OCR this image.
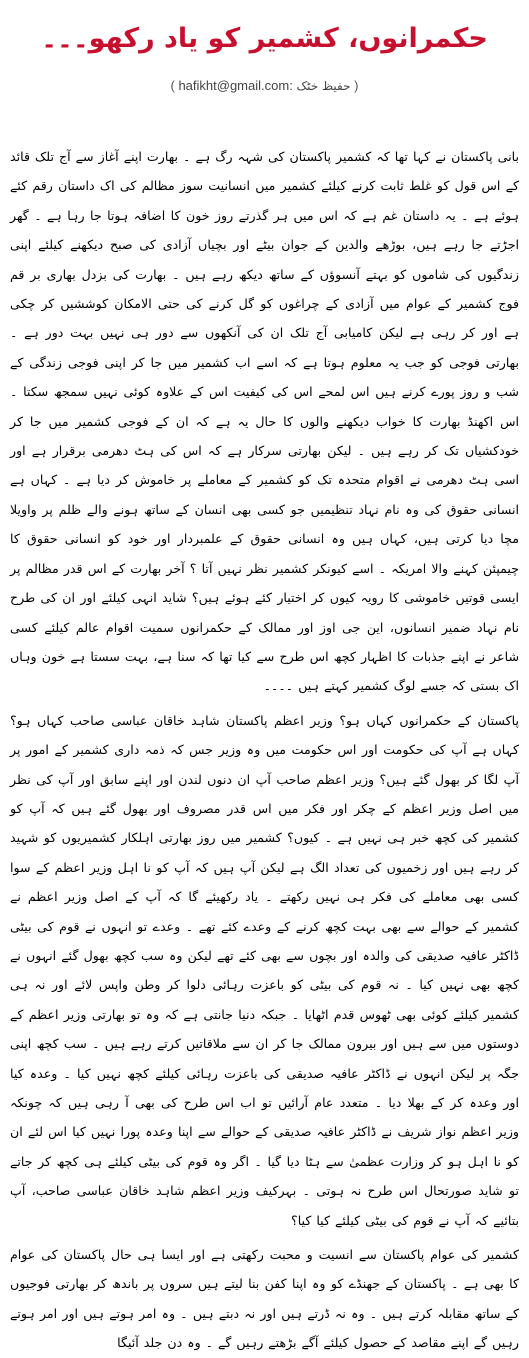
حکمرانوں، کشمیر کو یاد رکھو۔۔۔
( hafikht@gmail.com: حفیظ خٹک )

بانی پاکستان نے کہا تھا کہ کشمیر پاکستان کی شہہ رگ ہے ۔ بھارت اپنے آغاز سے آج تلک قائد کے اس قول کو غلط ثابت کرنے کیلئے کشمیر میں انسانیت سوز مظالم کی اک داستان رقم کئے ہوئے ہے ۔ یہ داستان غم ہے کہ اس میں ہر گذرتے روز خون کا اضافہ ہوتا جا رہا ہے ۔ گھر اجڑتے جا رہے ہیں، بوڑھے والدین کے جوان بیٹے اور بچیاں آزادی کی صبح دیکھنے کیلئے اپنی زندگیوں کی شاموں کو بہتے آنسوؤں کے ساتھ دیکھ رہے ہیں ۔ بھارت کی بزدل بھاری بر قم فوج کشمیر کے عوام میں آزادی کے چراغوں کو گل کرنے کی حتی الامکان کوششیں کر چکی ہے اور کر رہی ہے لیکن کامیابی آج تلک ان کی آنکھوں سے دور ہی نہیں بہت دور ہے ۔ بھارتی فوجی کو جب یہ معلوم ہوتا ہے کہ اسے اب کشمیر میں جا کر اپنی فوجی زندگی کے شب و روز پورے کرنے ہیں اس لمحے اس کی کیفیت اس کے علاوہ کوئی نہیں سمجھ سکتا ۔ اس اکھنڈ بھارت کا خواب دیکھنے والوں کا حال یہ ہے کہ ان کے فوجی کشمیر میں جا کر خودکشیاں تک کر رہے ہیں ۔ لیکن بھارتی سرکار ہے کہ اس کی ہٹ دھرمی برقرار ہے اور اسی ہٹ دھرمی نے اقوام متحدہ تک کو کشمیر کے معاملے پر خاموش کر دیا ہے ۔ کہاں ہے انسانی حقوق کی وہ نام نہاد تنظیمیں جو کسی بھی انسان کے ساتھ ہونے والے ظلم پر واویلا مچا دیا کرتی ہیں، کہاں ہیں وہ انسانی حقوق کے علمبردار اور خود کو انسانی حقوق کا چیمپئن کہنے والا امریکہ ۔ اسے کیونکر کشمیر نظر نہیں آتا ؟ آخر بھارت کے اس قدر مظالم پر ایسی قوتیں خاموشی کا رویہ کیوں کر اختیار کئے ہوئے ہیں؟ شاید انہی کیلئے اور ان کی طرح نام نہاد ضمیر انسانوں، این جی اوز اور ممالک کے حکمرانوں سمیت اقوام عالم کیلئے کسی شاعر نے اپنے جذبات کا اظہار کچھ اس طرح سے کیا تھا کہ سنا ہے، بہت سستا ہے خون وہاں اک بستی کہ جسے لوگ کشمیر کہتے ہیں ۔۔۔۔

پاکستان کے حکمرانوں کہاں ہو؟ وزیر اعظم پاکستان شاہد خاقان عباسی صاحب کہاں ہو؟ کہاں ہے آپ کی حکومت اور اس حکومت میں وہ وزیر جس کہ ذمہ داری کشمیر کے امور پر آپ لگا کر بھول گئے ہیں؟ وزیر اعظم صاحب آپ ان دنوں لندن اور اپنے سابق اور آپ کی نظر میں اصل وزیر اعظم کے چکر اور فکر میں اس قدر مصروف اور بھول گئے ہیں کہ آپ کو کشمیر کی کچھ خبر ہی نہیں ہے ۔ کیوں؟ کشمیر میں روز بھارتی اہلکار کشمیریوں کو شہید کر رہے ہیں اور زخمیوں کی تعداد الگ ہے لیکن آپ ہیں کہ آپ کو نا اہل وزیر اعظم کے سوا کسی بھی معاملے کی فکر ہی نہیں رکھتے ۔ یاد رکھیئے گا کہ آپ کے اصل وزیر اعظم نے کشمیر کے حوالے سے بھی بہت کچھ کرنے کے وعدے کئے تھے ۔ وعدے تو انہوں نے قوم کی بیٹی ڈاکٹر عافیہ صدیقی کی والدہ اور بچوں سے بھی کئے تھے لیکن وہ سب کچھ بھول گئے انہوں نے کچھ بھی نہیں کیا ۔ نہ قوم کی بیٹی کو باعزت رہائی دلوا کر وطن واپس لائے اور نہ ہی کشمیر کیلئے کوئی بھی ٹھوس قدم اٹھایا ۔ جبکہ دنیا جانتی ہے کہ وہ تو بھارتی وزیر اعظم کے دوستوں میں سے ہیں اور بیرون ممالک جا کر ان سے ملاقاتیں کرتے رہے ہیں ۔ سب کچھ اپنی جگہ پر لیکن انہوں نے ڈاکٹر عافیہ صدیقی کی باعزت رہائی کیلئے کچھ نہیں کیا ۔ وعدہ کیا اور وعدہ کر کے بھلا دیا ۔ متعدد عام آرائیں تو اب اس طرح کی بھی آ رہی ہیں کہ چونکہ وزیر اعظم نواز شریف نے ڈاکٹر عافیہ صدیقی کے حوالے سے اپنا وعدہ پورا نہیں کیا اس لئے ان کو نا اہل ہو کر وزارت عظمیٰ سے ہٹا دیا گیا ۔ اگر وہ قوم کی بیٹی کیلئے ہی کچھ کر جاتے تو شاید صورتحال اس طرح نہ ہوتی ۔ بہرکیف وزیر اعظم شاہد خاقان عباسی صاحب، آپ بتائیے کہ آپ نے قوم کی بیٹی کیلئے کیا کیا؟

کشمیر کی عوام پاکستان سے انسیت و محبت رکھتی ہے اور ایسا ہی حال پاکستان کی عوام کا بھی ہے ۔ پاکستان کے جھنڈے کو وہ اپنا کفن بنا لیتے ہیں سروں پر باندھ کر بھارتی فوجیوں کے ساتھ مقابلہ کرتے ہیں ۔ وہ نہ ڈرتے ہیں اور نہ دبتے ہیں ۔ وہ امر ہوتے ہیں اور امر ہوتے رہیں گے اپنے مقاصد کے حصول کیلئے آگے بڑھتے رہیں گے ۔ وہ دن جلد آئیگا
